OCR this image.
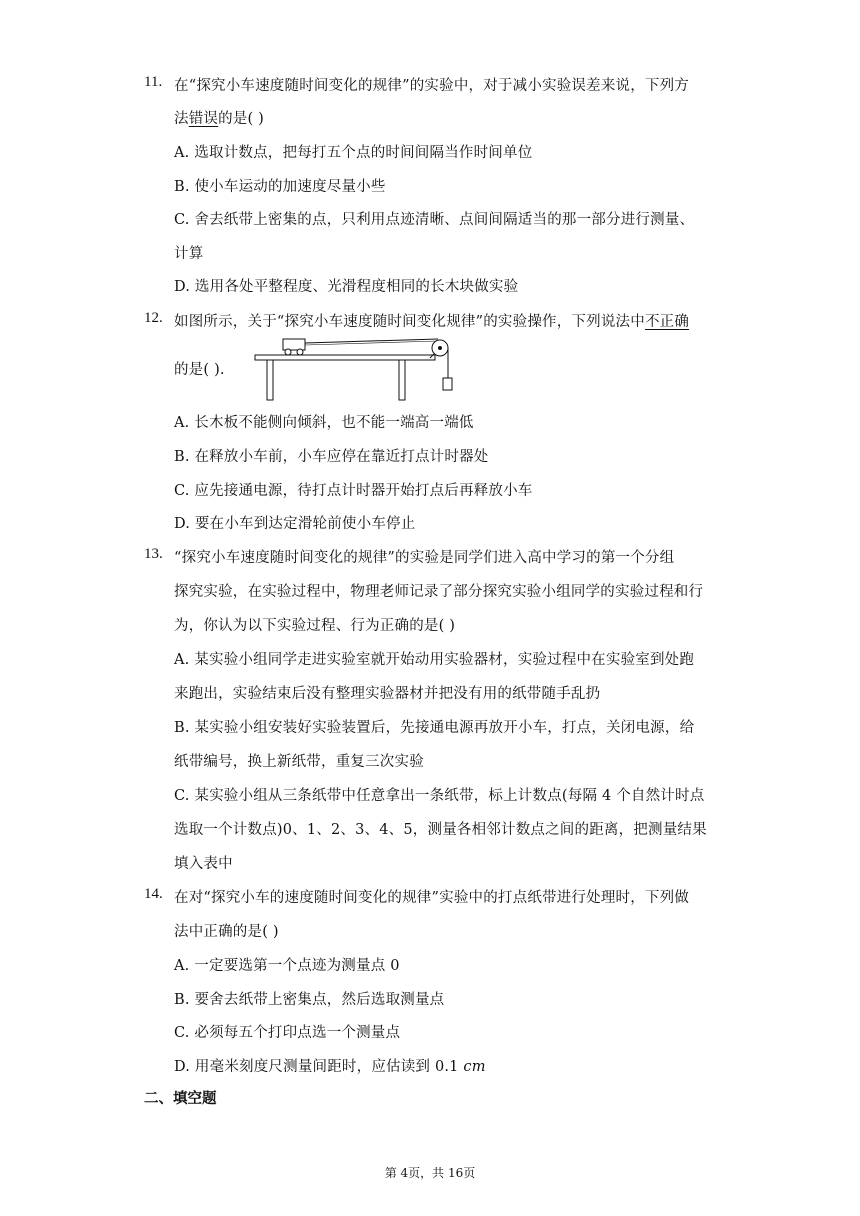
11. 在“探究小车速度随时间变化的规律”的实验中，对于减小实验误差来说，下列方
法错误的是( )
A. 选取计数点，把每打五个点的时间间隔当作时间单位
B. 使小车运动的加速度尽量小些
C. 舍去纸带上密集的点，只利用点迹清晰、点间间隔适当的那一部分进行测量、
计算
D. 选用各处平整程度、光滑程度相同的长木块做实验
12. 如图所示，关于“探究小车速度随时间变化规律”的实验操作，下列说法中不正确
的是( ).
A. 长木板不能侧向倾斜，也不能一端高一端低
B. 在释放小车前，小车应停在靠近打点计时器处
C. 应先接通电源，待打点计时器开始打点后再释放小车
D. 要在小车到达定滑轮前使小车停止
13. “探究小车速度随时间变化的规律”的实验是同学们进入高中学习的第一个分组
探究实验，在实验过程中，物理老师记录了部分探究实验小组同学的实验过程和行
为，你认为以下实验过程、行为正确的是( )
A. 某实验小组同学走进实验室就开始动用实验器材，实验过程中在实验室到处跑
来跑出，实验结束后没有整理实验器材并把没有用的纸带随手乱扔
B. 某实验小组安装好实验装置后，先接通电源再放开小车，打点，关闭电源，给
纸带编号，换上新纸带，重复三次实验
C. 某实验小组从三条纸带中任意拿出一条纸带，标上计数点(每隔 4 个自然计时点
选取一个计数点)0、1、2、3、4、5，测量各相邻计数点之间的距离，把测量结果
填入表中
14. 在对“探究小车的速度随时间变化的规律”实验中的打点纸带进行处理时，下列做
法中正确的是( )
A. 一定要选第一个点迹为测量点 0
B. 要舍去纸带上密集点，然后选取测量点
C. 必须每五个打印点选一个测量点
D. 用毫米刻度尺测量间距时，应估读到 0.1 cm
二、填空题
第 4页，共 16页
